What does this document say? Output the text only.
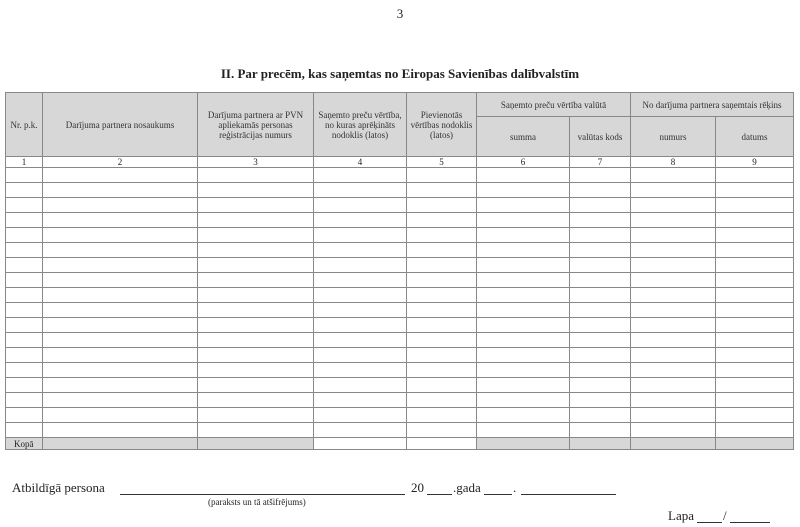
3
II. Par precēm, kas saņemtas no Eiropas Savienības dalībvalstīm
Nr. p.k.	Darījuma partnera nosaukums	Darījuma partnera ar PVN apliekamās personas reģistrācijas numurs	Saņemto preču vērtība, no kuras aprēķināts nodoklis (latos)	Pievienotās vērtības nodoklis (latos)	Saņemto preču vērtība valūtā		No darījuma partnera saņemtais rēķins	
					summa	valūtas kods	numurs	datums
1	2	3	4	5	6	7	8	9

Kopā								
Atbildīgā persona
(paraksts un tā atšifrējums)
20 .gada .
Lapa /
